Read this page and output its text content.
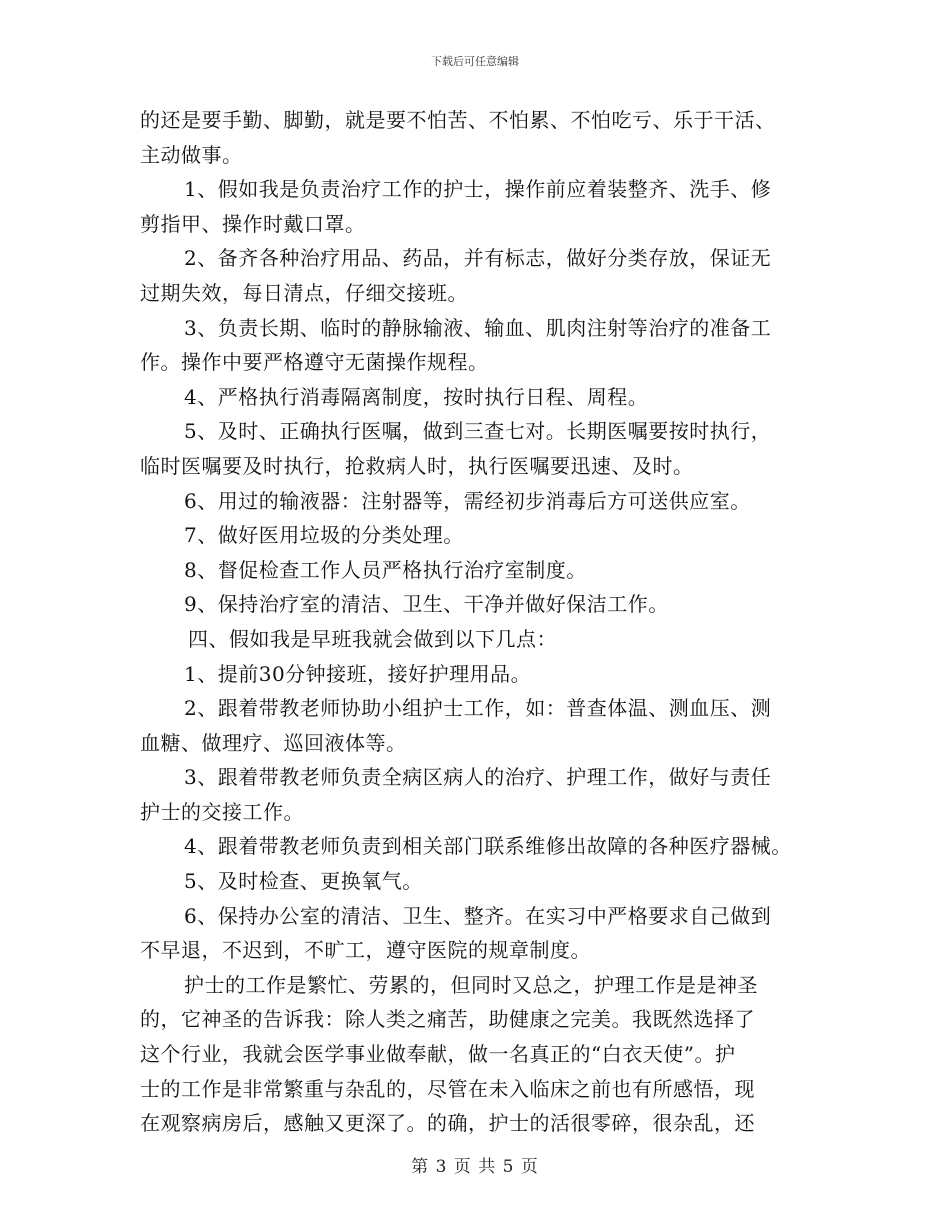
下载后可任意编辑
的还是要手勤、脚勤，就是要不怕苦、不怕累、不怕吃亏、乐于干活、
主动做事。
1、假如我是负责治疗工作的护士，操作前应着装整齐、洗手、修
剪指甲、操作时戴口罩。
2、备齐各种治疗用品、药品，并有标志，做好分类存放，保证无
过期失效，每日清点，仔细交接班。
3、负责长期、临时的静脉输液、输血、肌肉注射等治疗的准备工
作。操作中要严格遵守无菌操作规程。
4、严格执行消毒隔离制度，按时执行日程、周程。
5、及时、正确执行医嘱，做到三查七对。长期医嘱要按时执行，
临时医嘱要及时执行，抢救病人时，执行医嘱要迅速、及时。
6、用过的输液器：注射器等，需经初步消毒后方可送供应室。
7、做好医用垃圾的分类处理。
8、督促检查工作人员严格执行治疗室制度。
9、保持治疗室的清洁、卫生、干净并做好保洁工作。
四、假如我是早班我就会做到以下几点：
1、提前30分钟接班，接好护理用品。
2、跟着带教老师协助小组护士工作，如：普查体温、测血压、测
血糖、做理疗、巡回液体等。
3、跟着带教老师负责全病区病人的治疗、护理工作，做好与责任
护士的交接工作。
4、跟着带教老师负责到相关部门联系维修出故障的各种医疗器械。
5、及时检查、更换氧气。
6、保持办公室的清洁、卫生、整齐。在实习中严格要求自己做到
不早退，不迟到，不旷工，遵守医院的规章制度。
护士的工作是繁忙、劳累的，但同时又总之，护理工作是是神圣
的，它神圣的告诉我：除人类之痛苦，助健康之完美。我既然选择了
这个行业，我就会医学事业做奉献，做一名真正的“白衣天使”。护
士的工作是非常繁重与杂乱的，尽管在未入临床之前也有所感悟，现
在观察病房后，感触又更深了。的确，护士的活很零碎，很杂乱，还
第 3 页 共 5 页
